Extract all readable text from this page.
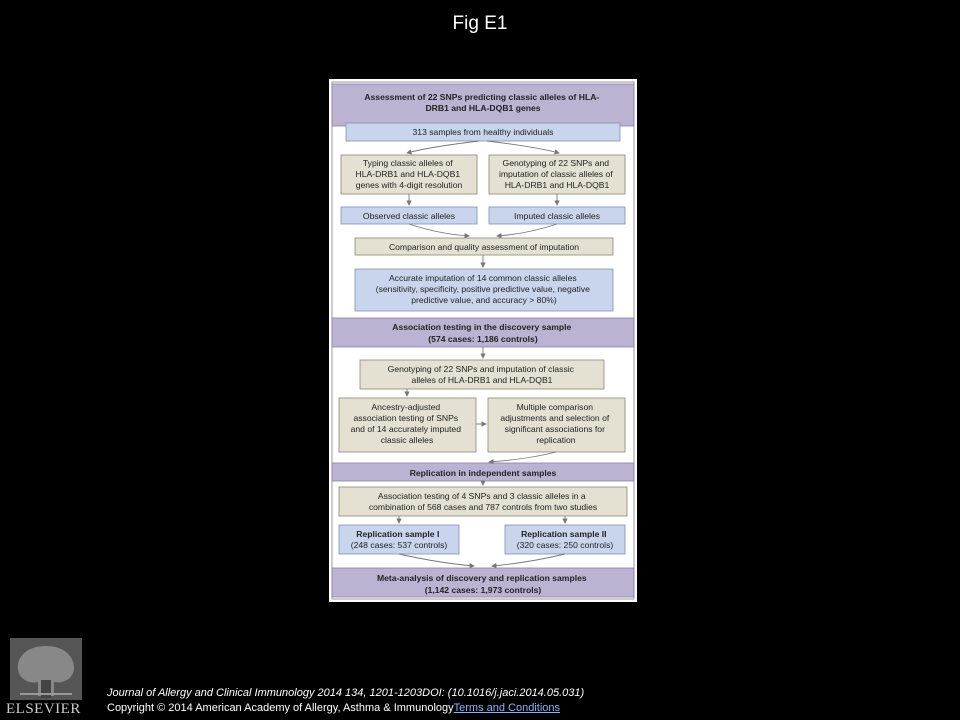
Fig E1
Assessment of 22 SNPs predicting classic alleles of HLA- DRB1 and HLA-DQB1 genes
Association testing in the discovery sample (574 cases: 1,186 controls)
Replication in independent samples
Meta-analysis of discovery and replication samples (1,142 cases: 1,973 controls)
313 samples from healthy individuals
Typing classic alleles of HLA-DRB1 and HLA-DQB1 genes with 4-digit resolution
Genotyping of 22 SNPs and imputation of classic alleles of HLA-DRB1 and HLA-DQB1
Observed classic alleles	Imputed classic alleles
Comparison and quality assessment of imputation
Accurate imputation of 14 common classic alleles (sensitivity, specificity, positive predictive value, negative predictive value, and accuracy > 80%)
Genotyping of 22 SNPs and imputation of classic alleles of HLA-DRB1 and HLA-DQB1
Ancestry-adjusted association testing of SNPs and of 14 accurately imputed classic alleles
Multiple comparison adjustments and selection of significant associations for replication
Association testing of 4 SNPs and 3 classic alleles in a combination of 568 cases and 787 controls from two studies
Replication sample I (248 cases: 537 controls)
Replication sample II (320 cases: 250 controls)
ELSEVIER
Journal of Allergy and Clinical Immunology 2014 134, 1201-1203DOI: (10.1016/j.jaci.2014.05.031)
Copyright © 2014 American Academy of Allergy, Asthma & ImmunologyTerms and Conditions
